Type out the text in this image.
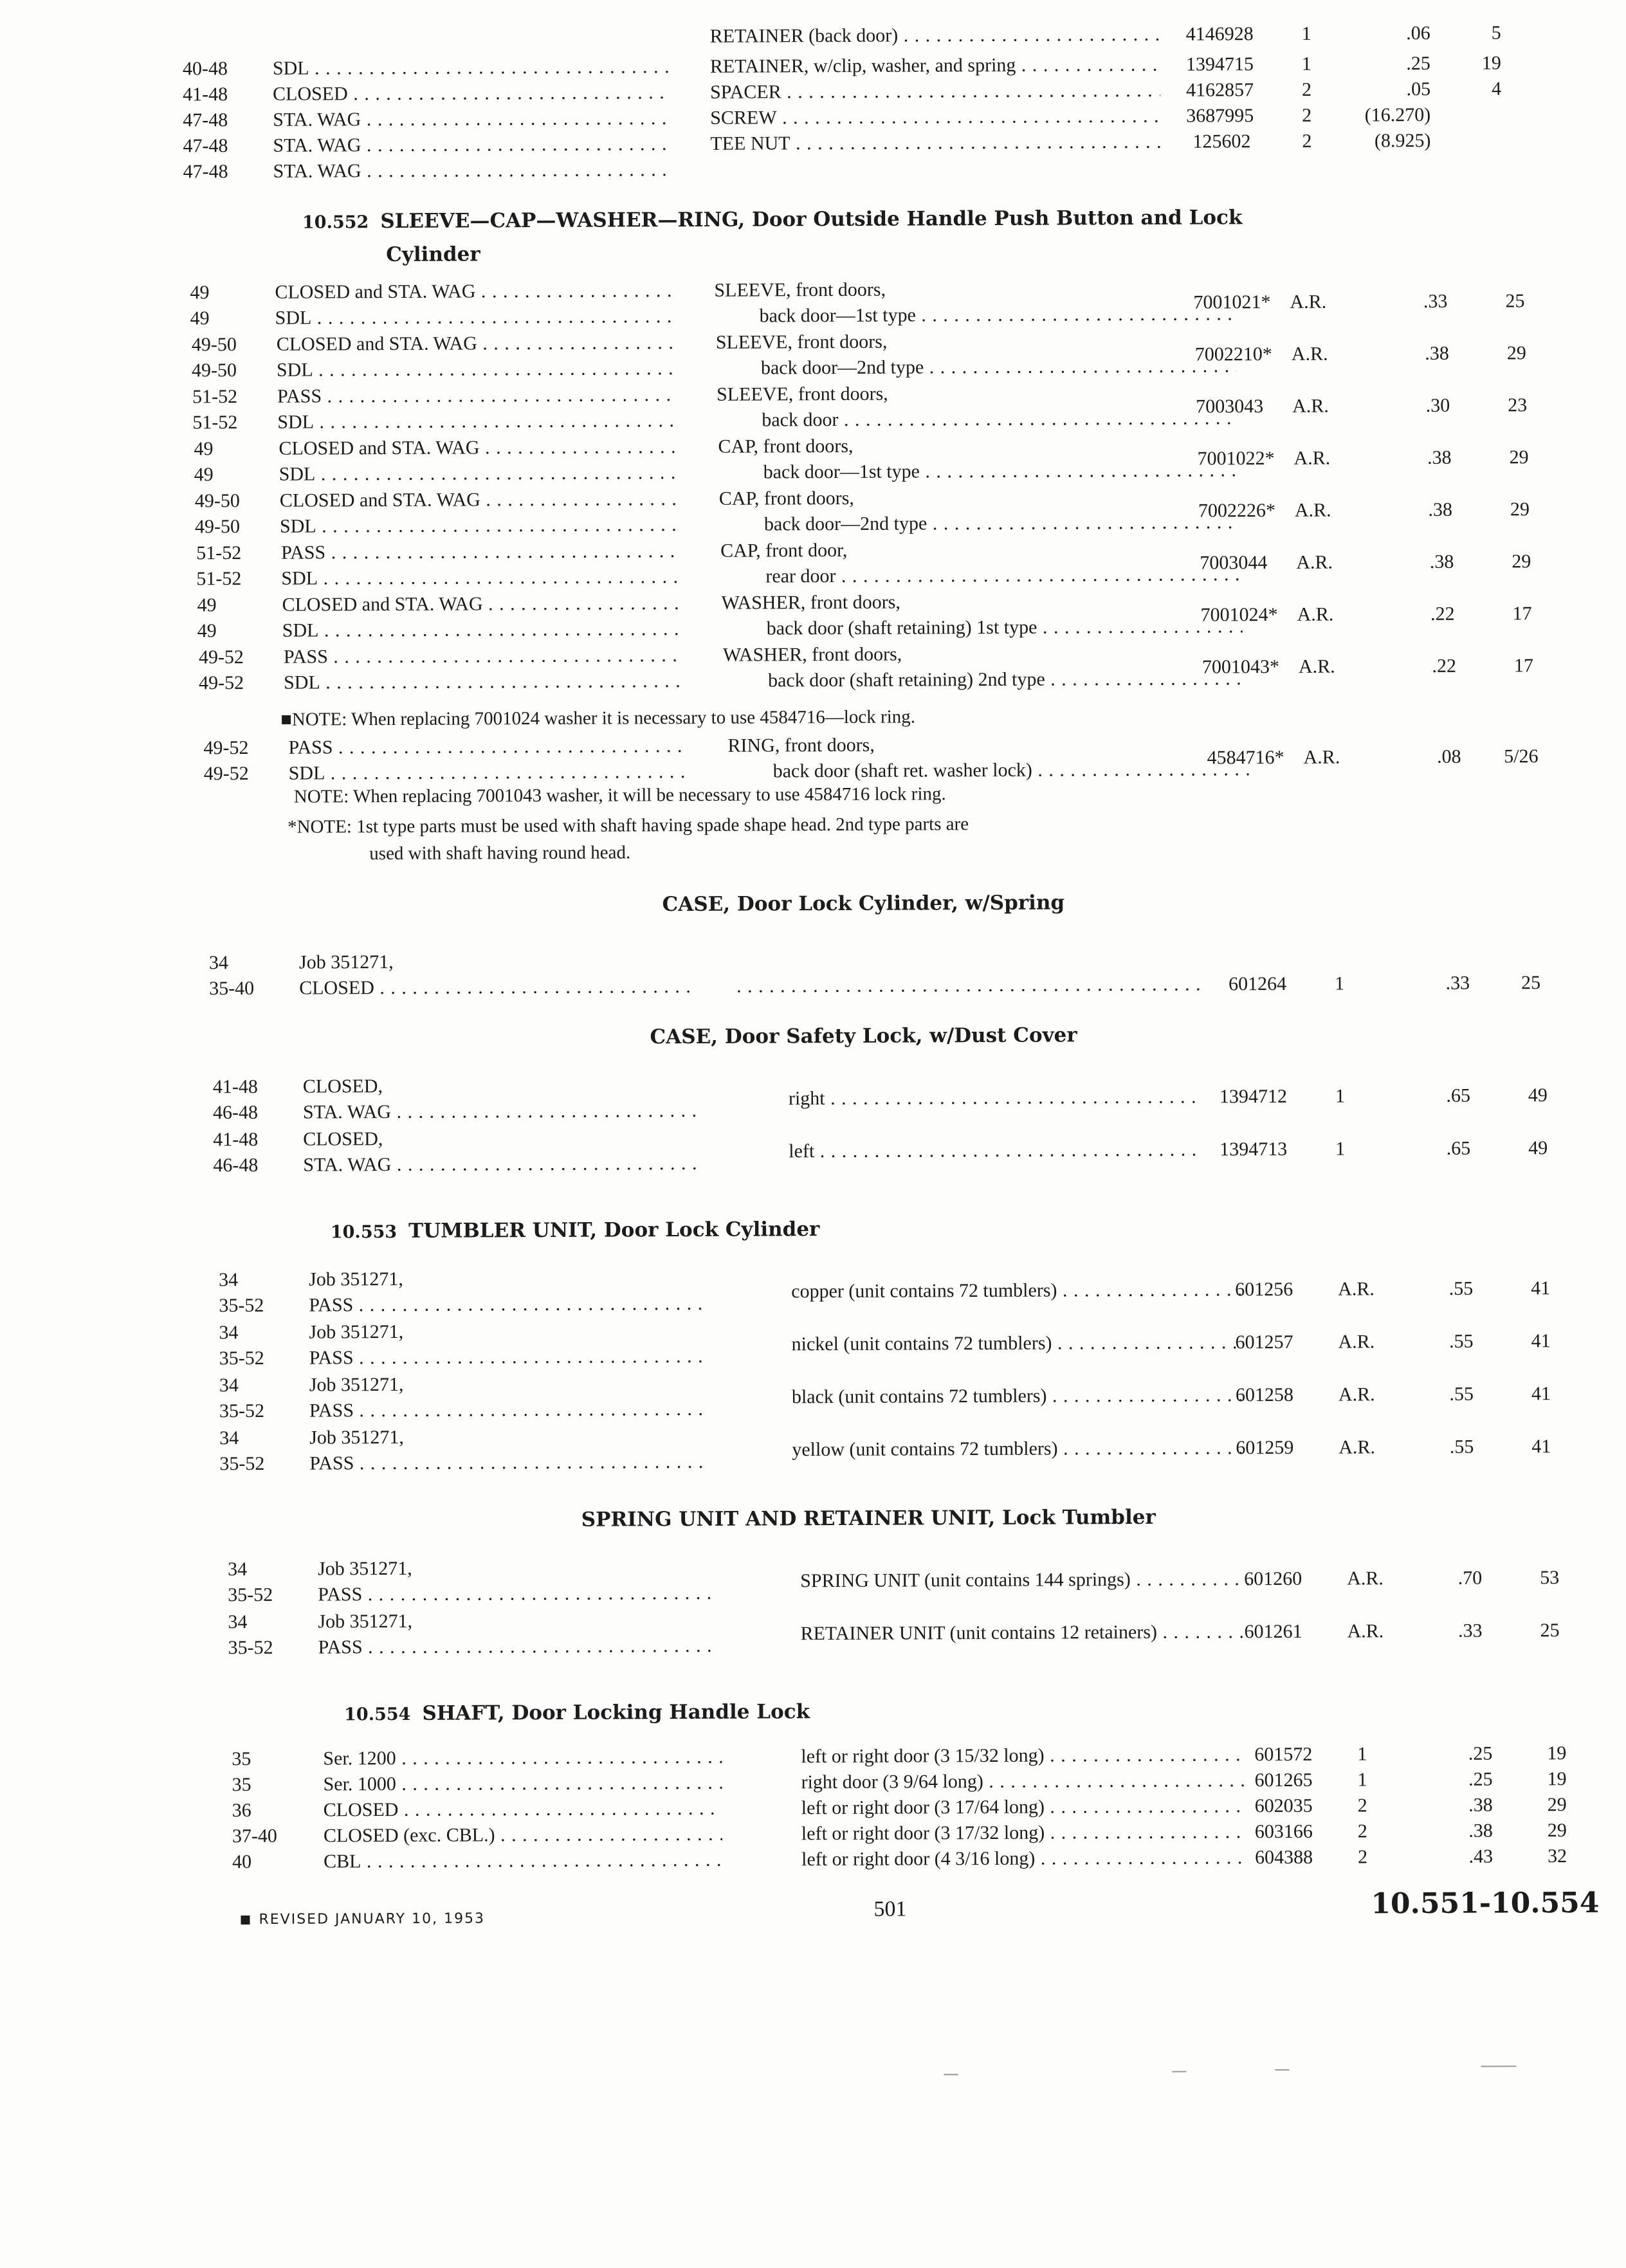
RETAINER (back door) . . .	4146928	1	.06	5
40-48	SDL . . .	RETAINER, w/clip, washer, and spring . . .	1394715	1	.25	19
41-48	CLOSED . . .	SPACER . . .	4162857	2	.05	4
47-48	STA. WAG . . .	SCREW . . .	3687995	2	(16.270)
47-48	STA. WAG . . .	TEE NUT . . .	125602	2	(8.925)
47-48	STA. WAG . . .
10.552 SLEEVE—CAP—WASHER—RING, Door Outside Handle Push Button and Lock
Cylinder
49	CLOSED and STA. WAG . . .	SLEEVE, front doors,
49	SDL . . .	back door—1st type . . .
7001021* A.R.	.33	25
49-50	CLOSED and STA. WAG . . .	SLEEVE, front doors,
49-50	SDL . . .	back door—2nd type . . .
7002210* A.R.	.38	29
51-52	PASS . . .	SLEEVE, front doors,
51-52	SDL . . .	back door . . .
7003043 A.R.	.30	23
49	CLOSED and STA. WAG . . .	CAP, front doors,
49	SDL . . .	back door—1st type . . .
7001022* A.R.	.38	29
49-50	CLOSED and STA. WAG . . .	CAP, front doors,
49-50	SDL . . .	back door—2nd type . . .
7002226* A.R.	.38	29
51-52	PASS . . .	CAP, front door,
51-52	SDL . . .	rear door . . .
7003044 A.R.	.38	29
49	CLOSED and STA. WAG . . .	WASHER, front doors,
49	SDL . . .	back door (shaft retaining) 1st type . . .
7001024* A.R.	.22	17
49-52	PASS . . .	WASHER, front doors,
49-52	SDL . . .	back door (shaft retaining) 2nd type . . .
7001043* A.R.	.22	17
■NOTE: When replacing 7001024 washer it is necessary to use 4584716—lock ring.
49-52	PASS . . .	RING, front doors,
49-52	SDL . . .	back door (shaft ret. washer lock) . . .
4584716* A.R.	.08	5/26
NOTE: When replacing 7001043 washer, it will be necessary to use 4584716 lock ring.
*NOTE: 1st type parts must be used with shaft having spade shape head. 2nd type parts are
used with shaft having round head.
CASE, Door Lock Cylinder, w/Spring
34	Job 351271,
35-40	CLOSED . . .
. . .	601264	1	.33	25
CASE, Door Safety Lock, w/Dust Cover
41-48	CLOSED,
46-48	STA. WAG . . .
right . . .	1394712 1	.65	49
41-48	CLOSED,
46-48	STA. WAG . . .
left . . .	1394713 1	.65	49
10.553 TUMBLER UNIT, Door Lock Cylinder
34	Job 351271,
35-52	PASS . . .
copper (unit contains 72 tumblers) . . .	601256 A.R.	.55	41
34	Job 351271,
35-52	PASS . . .
nickel (unit contains 72 tumblers) . . .	601257 A.R.	.55	41
34	Job 351271,
35-52	PASS . . .
black (unit contains 72 tumblers) . . .	601258 A.R.	.55	41
34	Job 351271,
35-52	PASS . . .
yellow (unit contains 72 tumblers) . . .	601259 A.R.	.55	41
SPRING UNIT AND RETAINER UNIT, Lock Tumbler
34	Job 351271,
35-52	PASS . . .
SPRING UNIT (unit contains 144 springs) . . .	601260 A.R.	.70	53
34	Job 351271,
35-52	PASS . . .
RETAINER UNIT (unit contains 12 retainers) . . .	601261 A.R.	.33	25
10.554 SHAFT, Door Locking Handle Lock
35	Ser. 1200 . . .	left or right door (3 15/32 long) . . .	601572 1	.25	19
35	Ser. 1000 . . .	right door (3 9/64 long) . . .	601265 1	.25	19
36	CLOSED . . .	left or right door (3 17/64 long) . . .	602035 2	.38	29
37-40	CLOSED (exc. CBL.) . . .	left or right door (3 17/32 long) . . .	603166 2	.38	29
40	CBL . . .	left or right door (4 3/16 long) . . .	604388 2	.43	32
REVISED JANUARY 10, 1953	501	10.551-10.554
